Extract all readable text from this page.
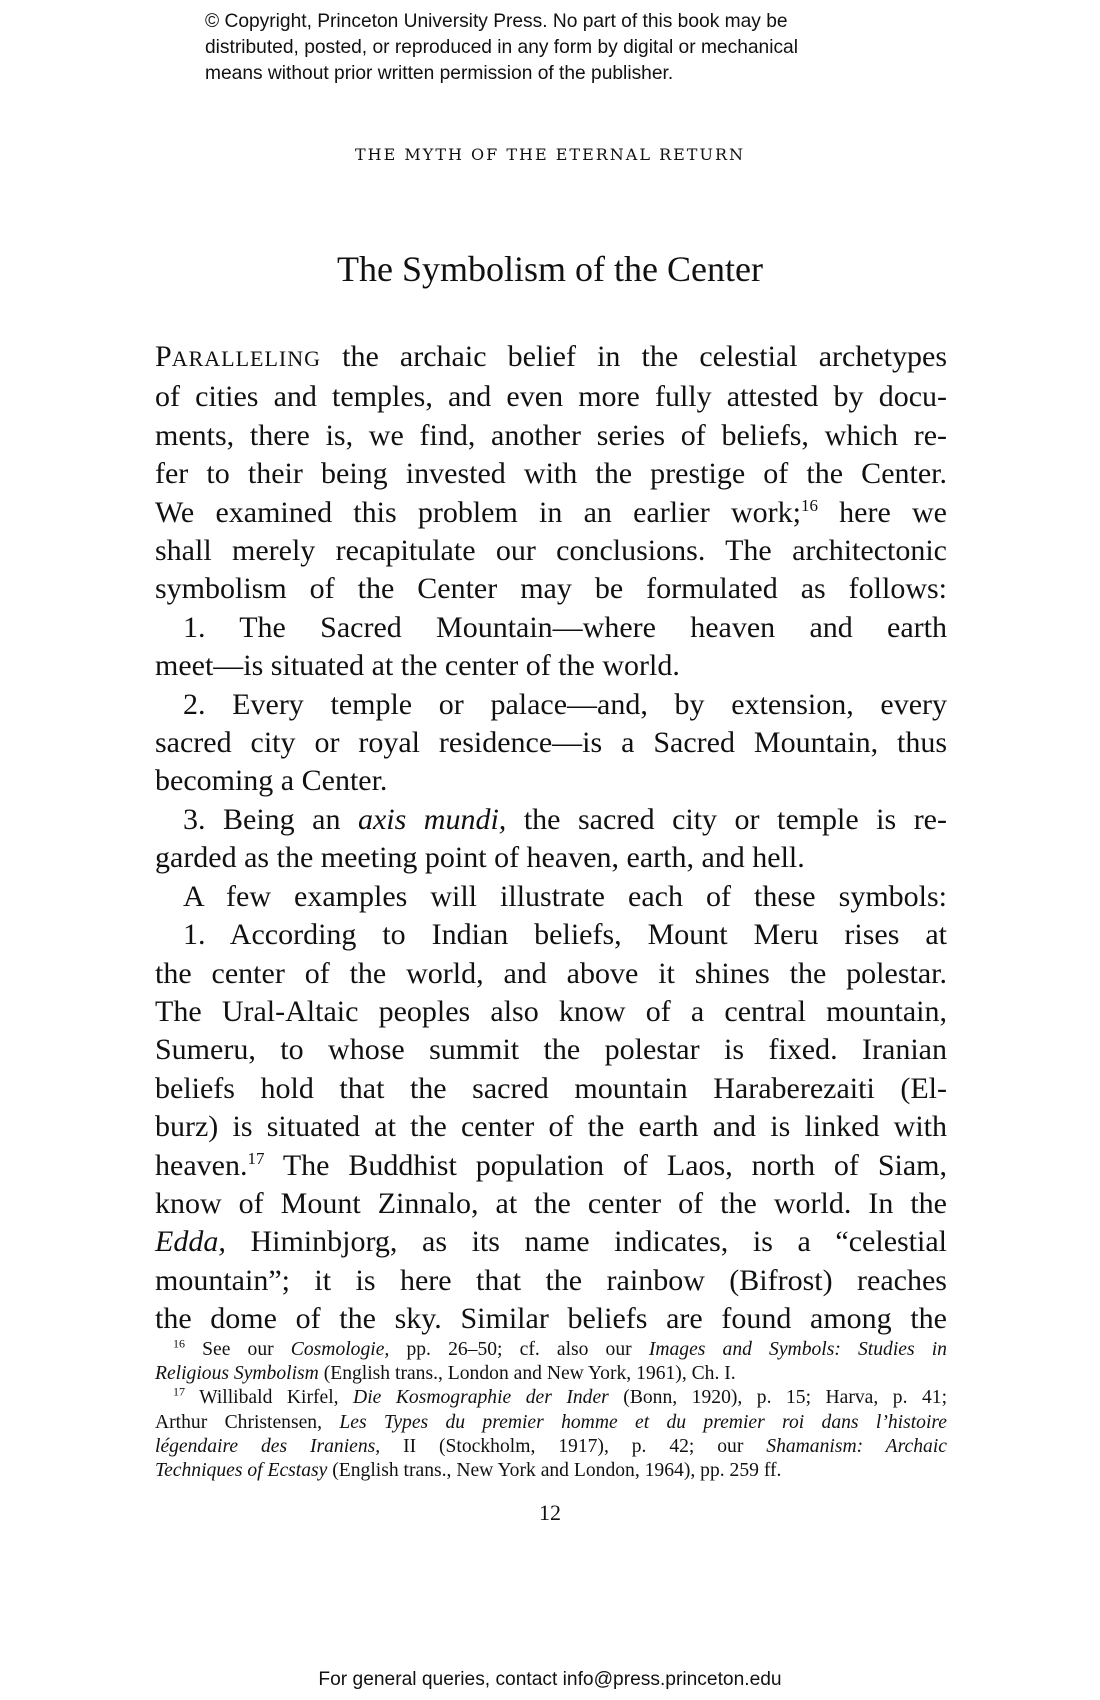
© Copyright, Princeton University Press. No part of this book may be
distributed, posted, or reproduced in any form by digital or mechanical
means without prior written permission of the publisher.
THE MYTH OF THE ETERNAL RETURN
The Symbolism of the Center
PARALLELING the archaic belief in the celestial archetypes
of cities and temples, and even more fully attested by docu-
ments, there is, we find, another series of beliefs, which re-
fer to their being invested with the prestige of the Center.
We examined this problem in an earlier work;$^{16}$ here we
shall merely recapitulate our conclusions. The architectonic
symbolism of the Center may be formulated as follows:
1. The Sacred Mountain—where heaven and earth
meet—is situated at the center of the world.
2. Every temple or palace—and, by extension, every
sacred city or royal residence—is a Sacred Mountain, thus
becoming a Center.
3. Being an axis mundi, the sacred city or temple is re-
garded as the meeting point of heaven, earth, and hell.
A few examples will illustrate each of these symbols:
1. According to Indian beliefs, Mount Meru rises at
the center of the world, and above it shines the polestar.
The Ural-Altaic peoples also know of a central mountain,
Sumeru, to whose summit the polestar is fixed. Iranian
beliefs hold that the sacred mountain Haraberezaiti (El-
burz) is situated at the center of the earth and is linked with
heaven.$^{17}$ The Buddhist population of Laos, north of Siam,
know of Mount Zinnalo, at the center of the world. In the
Edda, Himinbjorg, as its name indicates, is a “celestial
mountain”; it is here that the rainbow (Bifrost) reaches
the dome of the sky. Similar beliefs are found among the
$^{16}$ See our Cosmologie, pp. 26–50; cf. also our Images and Symbols: Studies in
Religious Symbolism (English trans., London and New York, 1961), Ch. I.
$^{17}$ Willibald Kirfel, Die Kosmographie der Inder (Bonn, 1920), p. 15; Harva, p. 41;
Arthur Christensen, Les Types du premier homme et du premier roi dans l’histoire
légendaire des Iraniens, II (Stockholm, 1917), p. 42; our Shamanism: Archaic
Techniques of Ecstasy (English trans., New York and London, 1964), pp. 259 ff.
12
For general queries, contact info@press.princeton.edu
